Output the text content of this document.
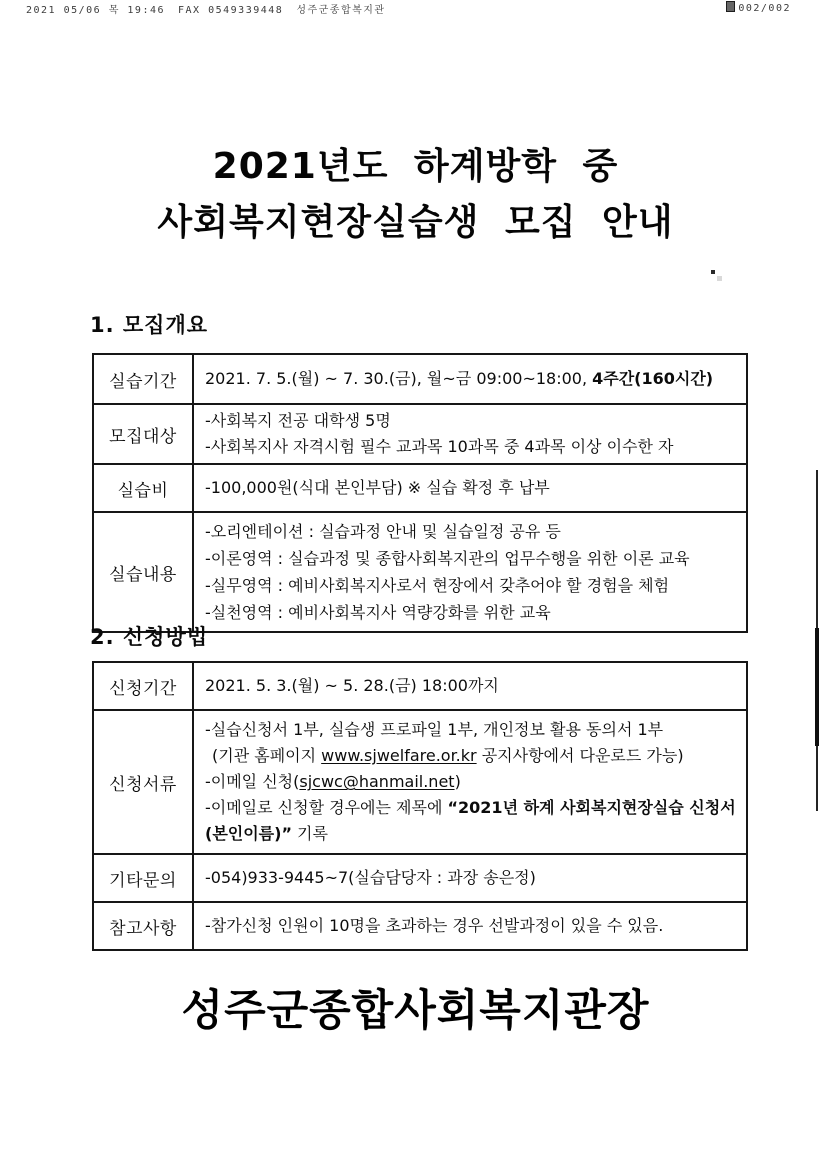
2021 05/06 목 19:46 FAX 0549339448 성주군종합복지관	002/002
2021년도 하계방학 중
사회복지현장실습생 모집 안내
1. 모집개요
실습기간	2021. 7. 5.(월) ~ 7. 30.(금), 월~금 09:00~18:00, 4주간(160시간)
모집대상	-사회복지 전공 대학생 5명
-사회복지사 자격시험 필수 교과목 10과목 중 4과목 이상 이수한 자

실습비	-100,000원(식대 본인부담) ※ 실습 확정 후 납부
실습내용	-오리엔테이션 : 실습과정 안내 및 실습일정 공유 등
-이론영역 : 실습과정 및 종합사회복지관의 업무수행을 위한 이론 교육
-실무영역 : 예비사회복지사로서 현장에서 갖추어야 할 경험을 체험
-실천영역 : 예비사회복지사 역량강화를 위한 교육
2. 신청방법
신청기간	2021. 5. 3.(월) ~ 5. 28.(금) 18:00까지
신청서류	-실습신청서 1부, 실습생 프로파일 1부, 개인정보 활용 동의서 1부
(기관 홈페이지 www.sjwelfare.or.kr 공지사항에서 다운로드 가능)
-이메일 신청(sjcwc@hanmail.net)
-이메일로 신청할 경우에는 제목에 “2021년 하계 사회복지현장실습 신청서 (본인이름)” 기록

기타문의	-054)933-9445~7(실습담당자 : 과장 송은정)
참고사항	-참가신청 인원이 10명을 초과하는 경우 선발과정이 있을 수 있음.
성주군종합사회복지관장
